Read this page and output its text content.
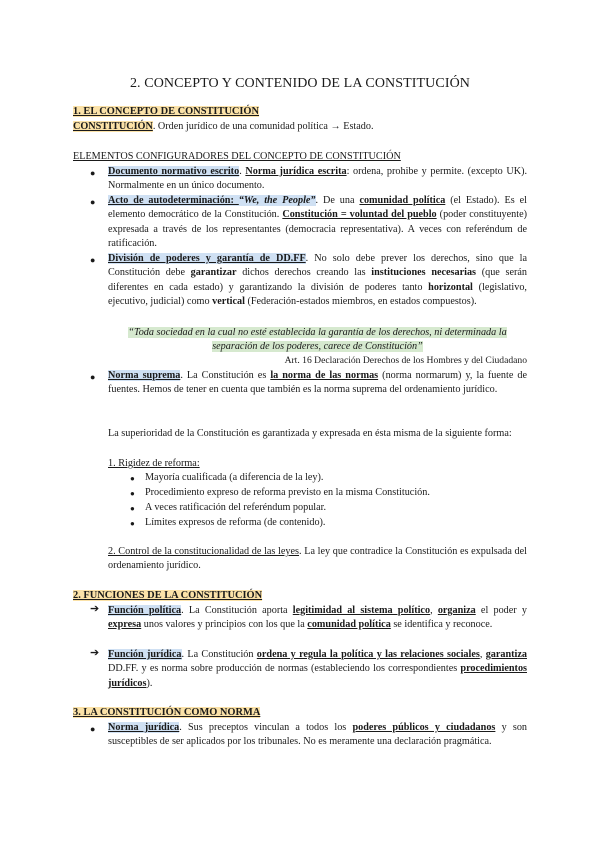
2. CONCEPTO Y CONTENIDO DE LA CONSTITUCIÓN
1. EL CONCEPTO DE CONSTITUCIÓN
CONSTITUCIÓN. Orden jurídico de una comunidad política → Estado.
ELEMENTOS CONFIGURADORES DEL CONCEPTO DE CONSTITUCIÓN
● Documento normativo escrito. Norma jurídica escrita: ordena, prohibe y permite. (excepto UK). Normalmente en un único documento.

● Acto de autodeterminación: “We, the People”. De una comunidad política (el Estado). Es el elemento democrático de la Constitución. Constitución = voluntad del pueblo (poder constituyente) expresada a través de los representantes (democracia representativa). A veces con referéndum de ratificación.

● División de poderes y garantía de DD.FF. No solo debe prever los derechos, sino que la Constitución debe garantizar dichos derechos creando las instituciones necesarias (que serán diferentes en cada estado) y garantizando la división de poderes tanto horizontal (legislativo, ejecutivo, judicial) como vertical (Federación-estados miembros, en estados compuestos).

“Toda sociedad en la cual no esté establecida la garantía de los derechos, ni determinada la
separación de los poderes, carece de Constitución”
Art. 16 Declaración Derechos de los Hombres y del Ciudadano
● Norma suprema. La Constitución es la norma de las normas (norma normarum) y, la fuente de fuentes. Hemos de tener en cuenta que también es la norma suprema del ordenamiento jurídico.

La superioridad de la Constitución es garantizada y expresada en ésta misma de la siguiente forma:

1. Rigidez de reforma:
● Mayoría cualificada (a diferencia de la ley).
● Procedimiento expreso de reforma previsto en la misma Constitución.
● A veces ratificación del referéndum popular.
● Límites expresos de reforma (de contenido).

2. Control de la constitucionalidad de las leyes. La ley que contradice la Constitución es expulsada del ordenamiento jurídico.

2. FUNCIONES DE LA CONSTITUCIÓN
➔ Función política. La Constitución aporta legitimidad al sistema político, organiza el poder y expresa unos valores y principios con los que la comunidad política se identifica y reconoce.

➔ Función jurídica. La Constitución ordena y regula la política y las relaciones sociales, garantiza DD.FF. y es norma sobre producción de normas (estableciendo los correspondientes procedimientos jurídicos).

3. LA CONSTITUCIÓN COMO NORMA
● Norma jurídica. Sus preceptos vinculan a todos los poderes públicos y ciudadanos y son susceptibles de ser aplicados por los tribunales. No es meramente una declaración pragmática.
